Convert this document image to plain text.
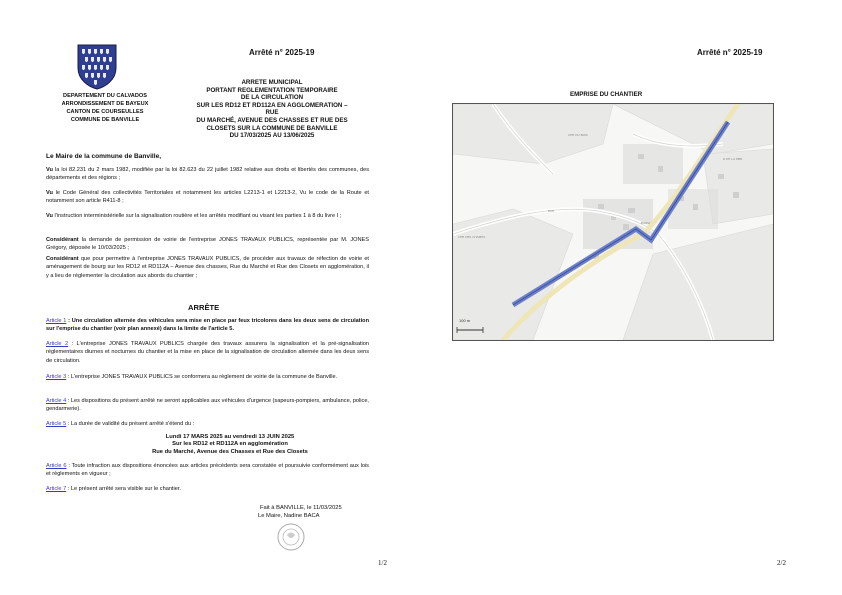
DEPARTEMENT DU CALVADOS
ARRONDISSEMENT DE BAYEUX
CANTON DE COURSEULLES
COMMUNE DE BANVILLE
Arrêté n° 2025-19
ARRETE MUNICIPAL
PORTANT REGLEMENTATION TEMPORAIRE
DE LA CIRCULATION
SUR LES RD12 ET RD112A EN AGGLOMERATION – RUE
DU MARCHÉ, AVENUE DES CHASSES ET RUE DES
CLOSETS SUR LA COMMUNE DE BANVILLE
DU 17/03/2025 AU 13/06/2025
Le Maire de la commune de Banville,
Vu la loi 82.231 du 2 mars 1982, modifiée par la loi 82.623 du 22 juillet 1982 relative aux droits et libertés des communes, des départements et des régions ;
Vu le Code Général des collectivités Territoriales et notamment les articles L2213-1 et L2213-2, Vu le code de la Route et notamment son article R411-8 ;
Vu l'instruction interministérielle sur la signalisation routière et les arrêtés modifiant ou visant les parties 1 à 8 du livre I ;
Considérant la demande de permission de voirie de l'entreprise JONES TRAVAUX PUBLICS, représentée par M. JONES Grégory, déposée le 10/03/2025 ;
Considérant que pour permettre à l'entreprise JONES TRAVAUX PUBLICS, de procéder aux travaux de réfection de voirie et aménagement de bourg sur les RD12 et RD112A – Avenue des chasses, Rue du Marché et Rue des Closets en agglomération, il y a lieu de réglementer la circulation aux abords du chantier ;
ARRÊTE
Article 1 : Une circulation alternée des véhicules sera mise en place par feux tricolores dans les deux sens de circulation sur l'emprise du chantier (voir plan annexé) dans la limite de l'article 5.
Article 2 : L'entreprise JONES TRAVAUX PUBLICS chargée des travaux assurera la signalisation et la pré-signalisation réglementaires diurnes et nocturnes du chantier et la mise en place de la signalisation de circulation alternée dans les deux sens de circulation.
Article 3 : L'entreprise JONES TRAVAUX PUBLICS se conformera au règlement de voirie de la commune de Banville.
Article 4 : Les dispositions du présent arrêté ne seront applicables aux véhicules d'urgence (sapeurs-pompiers, ambulance, police, gendarmerie).
Article 5 : La durée de validité du présent arrêté s'étend du :
Lundi 17 MARS 2025 au vendredi 13 JUIN 2025
Sur les RD12 et RD112A en agglomération
Rue du Marché, Avenue des Chasses et Rue des Closets
Article 6 : Toute infraction aux dispositions énoncées aux articles précédents sera constatée et poursuivie conformément aux lois et règlements en vigueur ;
Article 7 : Le présent arrêté sera visible sur le chantier.
Fait à BANVILLE, le 11/03/2025
Le Maire, Nadine BACA
1/2
Arrêté n° 2025-19
EMPRISE DU CHANTIER
CHE DU BOIS
R DE LA MER
RUE
BANVI
CHE DES CHAMPS
100 m
2/2
